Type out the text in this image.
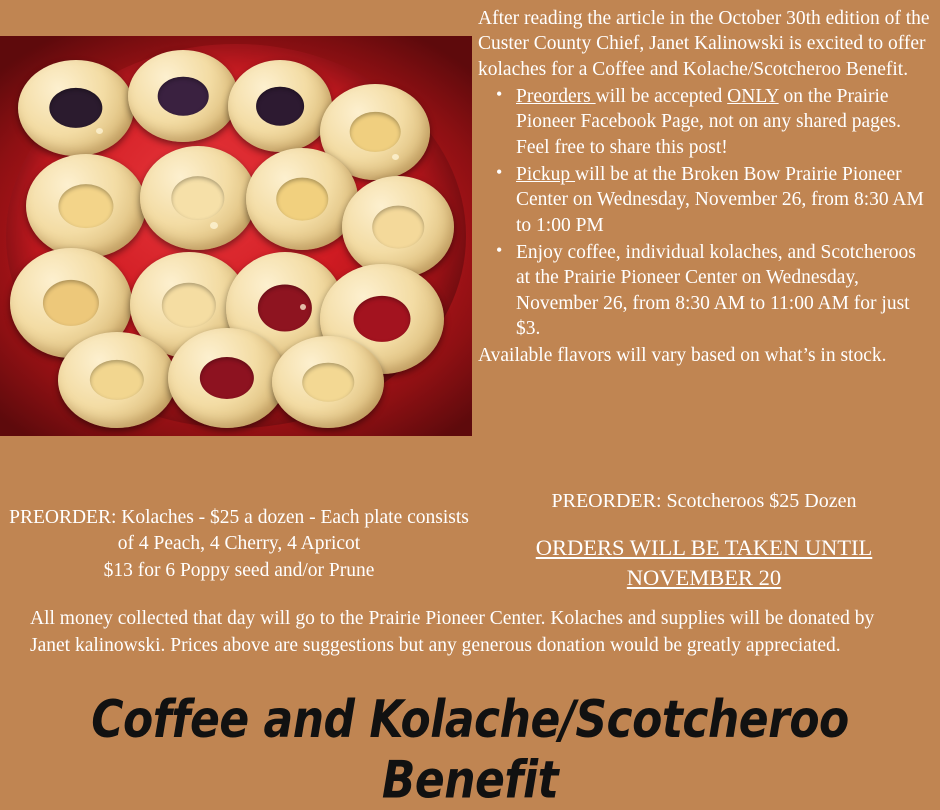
After reading the article in the October 30th edition of the Custer County Chief, Janet Kalinowski is excited to offer kolaches for a Coffee and Kolache/Scotcheroo Benefit.

• Preorders will be accepted ONLY on the Prairie Pioneer Facebook Page, not on any shared pages. Feel free to share this post!
• Pickup will be at the Broken Bow Prairie Pioneer Center on Wednesday, November 26, from 8:30 AM to 1:00 PM
• Enjoy coffee, individual kolaches, and Scotcheroos at the Prairie Pioneer Center on Wednesday, November 26, from 8:30 AM to 11:00 AM for just $3.

Available flavors will vary based on what’s in stock.

PREORDER: Scotcheroos $25 Dozen
ORDERS WILL BE TAKEN UNTIL
NOVEMBER 20
PREORDER: Kolaches - $25 a dozen - Each plate consists of 4 Peach, 4 Cherry, 4 Apricot
$13 for 6 Poppy seed and/or Prune

All money collected that day will go to the Prairie Pioneer Center. Kolaches and supplies will be donated by Janet kalinowski. Prices above are suggestions but any generous donation would be greatly appreciated.

Coffee and Kolache/Scotcheroo Benefit
